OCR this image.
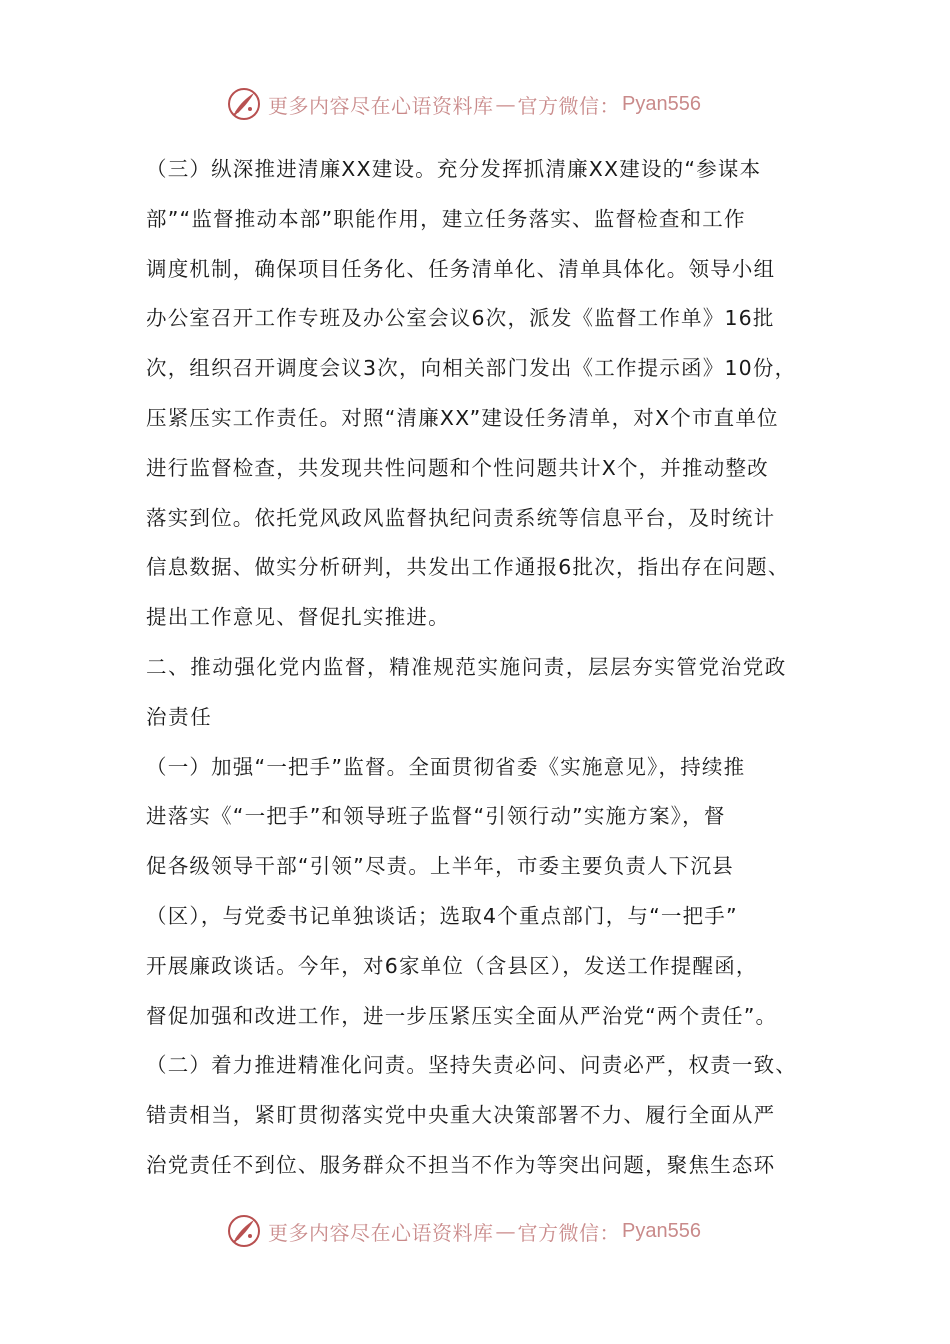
更多内容尽在心语资料库 — 官方微信： Pyan556
（三）纵深推进清廉XX建设。充分发挥抓清廉XX建设的“参谋本
部”“监督推动本部”职能作用，建立任务落实、监督检查和工作
调度机制，确保项目任务化、任务清单化、清单具体化。领导小组
办公室召开工作专班及办公室会议6次，派发《监督工作单》16批
次，组织召开调度会议3次，向相关部门发出《工作提示函》10份，
压紧压实工作责任。对照“清廉XX”建设任务清单，对X个市直单位
进行监督检查，共发现共性问题和个性问题共计X个，并推动整改
落实到位。依托党风政风监督执纪问责系统等信息平台，及时统计
信息数据、做实分析研判，共发出工作通报6批次，指出存在问题、
提出工作意见、督促扎实推进。
二、推动强化党内监督，精准规范实施问责，层层夯实管党治党政
治责任
（一）加强“一把手”监督。全面贯彻省委《实施意见》，持续推
进落实《“一把手”和领导班子监督“引领行动”实施方案》，督
促各级领导干部“引领”尽责。上半年，市委主要负责人下沉县
（区），与党委书记单独谈话；选取4个重点部门，与“一把手”
开展廉政谈话。今年，对6家单位（含县区），发送工作提醒函，
督促加强和改进工作，进一步压紧压实全面从严治党“两个责任”。
（二）着力推进精准化问责。坚持失责必问、问责必严，权责一致、
错责相当，紧盯贯彻落实党中央重大决策部署不力、履行全面从严
治党责任不到位、服务群众不担当不作为等突出问题，聚焦生态环
更多内容尽在心语资料库 — 官方微信： Pyan556
